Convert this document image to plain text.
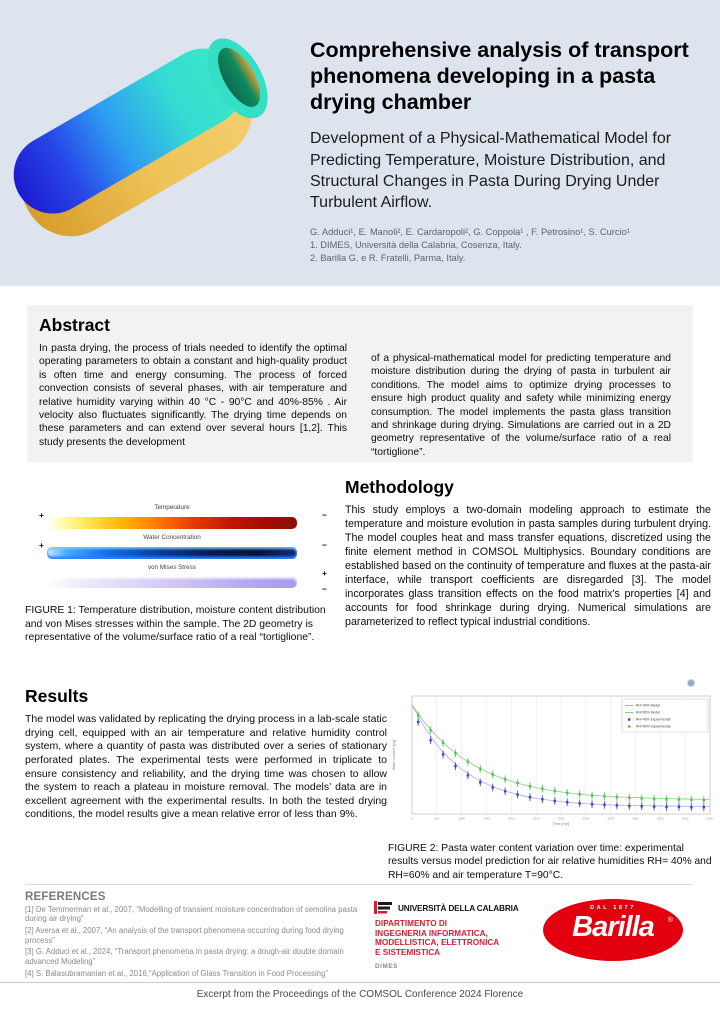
Comprehensive analysis of transport phenomena developing in a pasta drying chamber
Development of a Physical-Mathematical Model for Predicting Temperature, Moisture Distribution, and Structural Changes in Pasta During Drying Under Turbulent Airflow.
G. Adduci¹, E. Manoli², E. Cardaropoli², G. Coppola¹ , F. Petrosino¹, S. Curcio¹
1. DIMES, Università della Calabria, Cosenza, Italy.
2. Barilla G. e R. Fratelli, Parma, Italy.
Abstract

In pasta drying, the process of trials needed to identify the optimal operating parameters to obtain a constant and high-quality product is often time and energy consuming. The process of forced convection consists of several phases, with air temperature and relative humidity varying within 40 °C - 90°C and 40%-85% . Air velocity also fluctuates significantly. The drying time depends on these parameters and can extend over several hours [1,2]. This study presents the development

of a physical-mathematical model for predicting temperature and moisture distribution during the drying of pasta in turbulent air conditions. The model aims to optimize drying processes to ensure high product quality and safety while minimizing energy consumption. The model implements the pasta glass transition and shrinkage during drying. Simulations are carried out in a 2D geometry representative of the volume/surface ratio of a real “tortiglione”.

Temperature
+	−
Water Concentration
+	−
von Mises Stress
+
−
FIGURE 1: Temperature distribution, moisture content distribution and von Mises stresses within the sample. The 2D geometry is representative of the volume/surface ratio of a real “tortiglione”.
Methodology

This study employs a two-domain modeling approach to estimate the temperature and moisture evolution in pasta samples during turbulent drying. The model couples heat and mass transfer equations, discretized using the finite element method in COMSOL Multiphysics. Boundary conditions are established based on the continuity of temperature and fluxes at the pasta-air interface, while transport coefficients are disregarded [3]. The model incorporates glass transition effects on the food matrix's properties [4] and accounts for food shrinkage during drying. Numerical simulations are parameterized to reflect typical industrial conditions.

Results

The model was validated by replicating the drying process in a lab-scale static drying cell, equipped with an air temperature and relative humidity control system, where a quantity of pasta was distributed over a series of stationary perforated plates. The experimental tests were performed in triplicate to ensure consistency and reliability, and the drying time was chosen to allow the system to reach a plateau in moisture removal. The models’ data are in excellent agreement with the experimental results. In both the tested drying conditions, the model results give a mean relative error of less than 9%.	0	500	1000	1500	2000	2500	3000	3500	4000	4500	5000	5500	6000
RH=40% Model
RH=60% Model
RH=40% Experimental
RH=60% Experimental
Time [min]
Water content [g/g]
FIGURE 2: Pasta water content variation over time: experimental results versus model prediction for air relative humidities RH= 40% and RH=60% and air temperature T=90°C.
REFERENCES
[1] De Temmerman et al., 2007, “Modelling of transient moisture concentration of semolina pasta during air drying”
[2] Aversa et al., 2007, “An analysis of the transport phenomena occurring during food drying process”
[3] G. Adduci et al., 2024, “Transport phenomena in pasta drying: a dough-air double domain advanced Modeling”
[4] S. Balasubramanian et al., 2016,“Application of Glass Transition in Food Processing”
UNIVERSITÀ DELLA CALABRIA
DIPARTIMENTO DI
INGEGNERIA INFORMATICA,
MODELLISTICA, ELETTRONICA
E SISTEMISTICA
DIMES
DAL 1877
Barilla	®
Excerpt from the Proceedings of the COMSOL Conference 2024 Florence
